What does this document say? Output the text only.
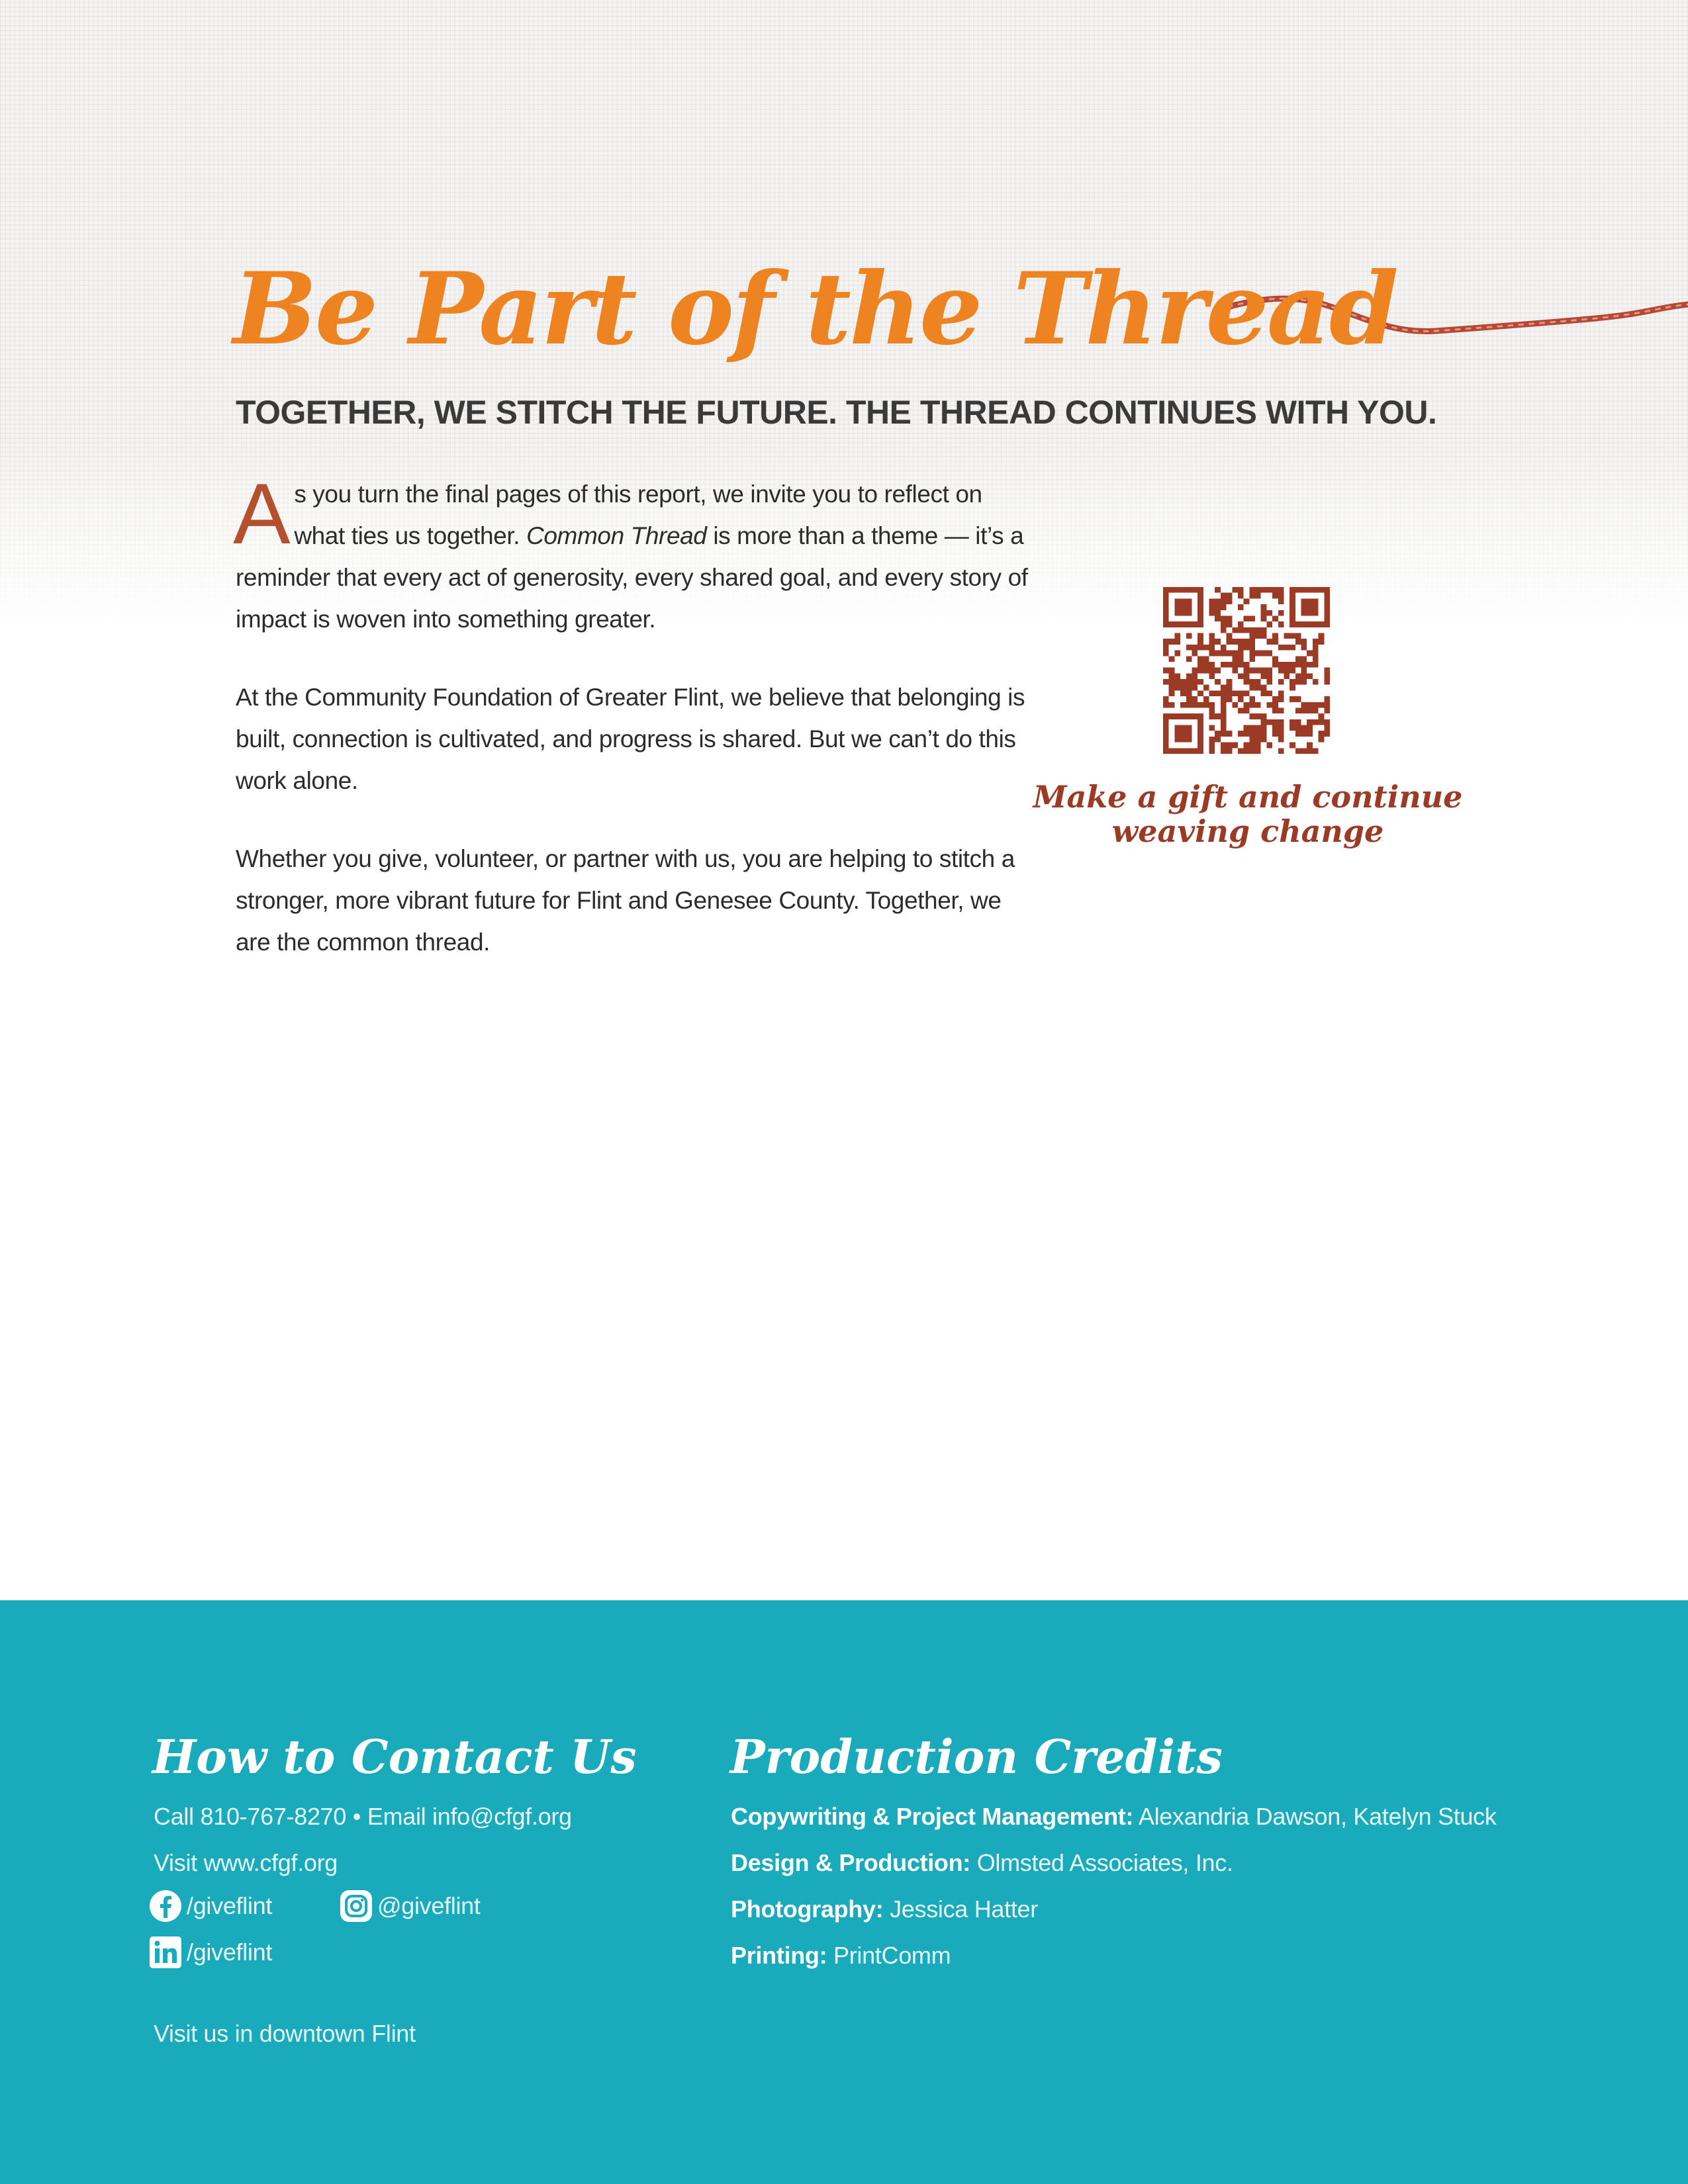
Be Part of the Thread
TOGETHER, WE STITCH THE FUTURE. THE THREAD CONTINUES WITH YOU.

As you turn the final pages of this report, we invite you to reflect on what ties us together. Common Thread is more than a theme — it’s a reminder that every act of generosity, every shared goal, and every story of impact is woven into something greater.

At the Community Foundation of Greater Flint, we believe that belonging is built, connection is cultivated, and progress is shared. But we can’t do this work alone.

Whether you give, volunteer, or partner with us, you are helping to stitch a stronger, more vibrant future for Flint and Genesee County. Together, we are the common thread.

Make a gift and continue weaving change
How to Contact Us
Call 810-767-8270 • Email info@cfgf.org
Visit www.cfgf.org
/giveflint	@giveflint
/giveflint
Visit us in downtown Flint
Production Credits
Copywriting & Project Management: Alexandria Dawson, Katelyn Stuck
Design & Production: Olmsted Associates, Inc.
Photography: Jessica Hatter
Printing: PrintComm
